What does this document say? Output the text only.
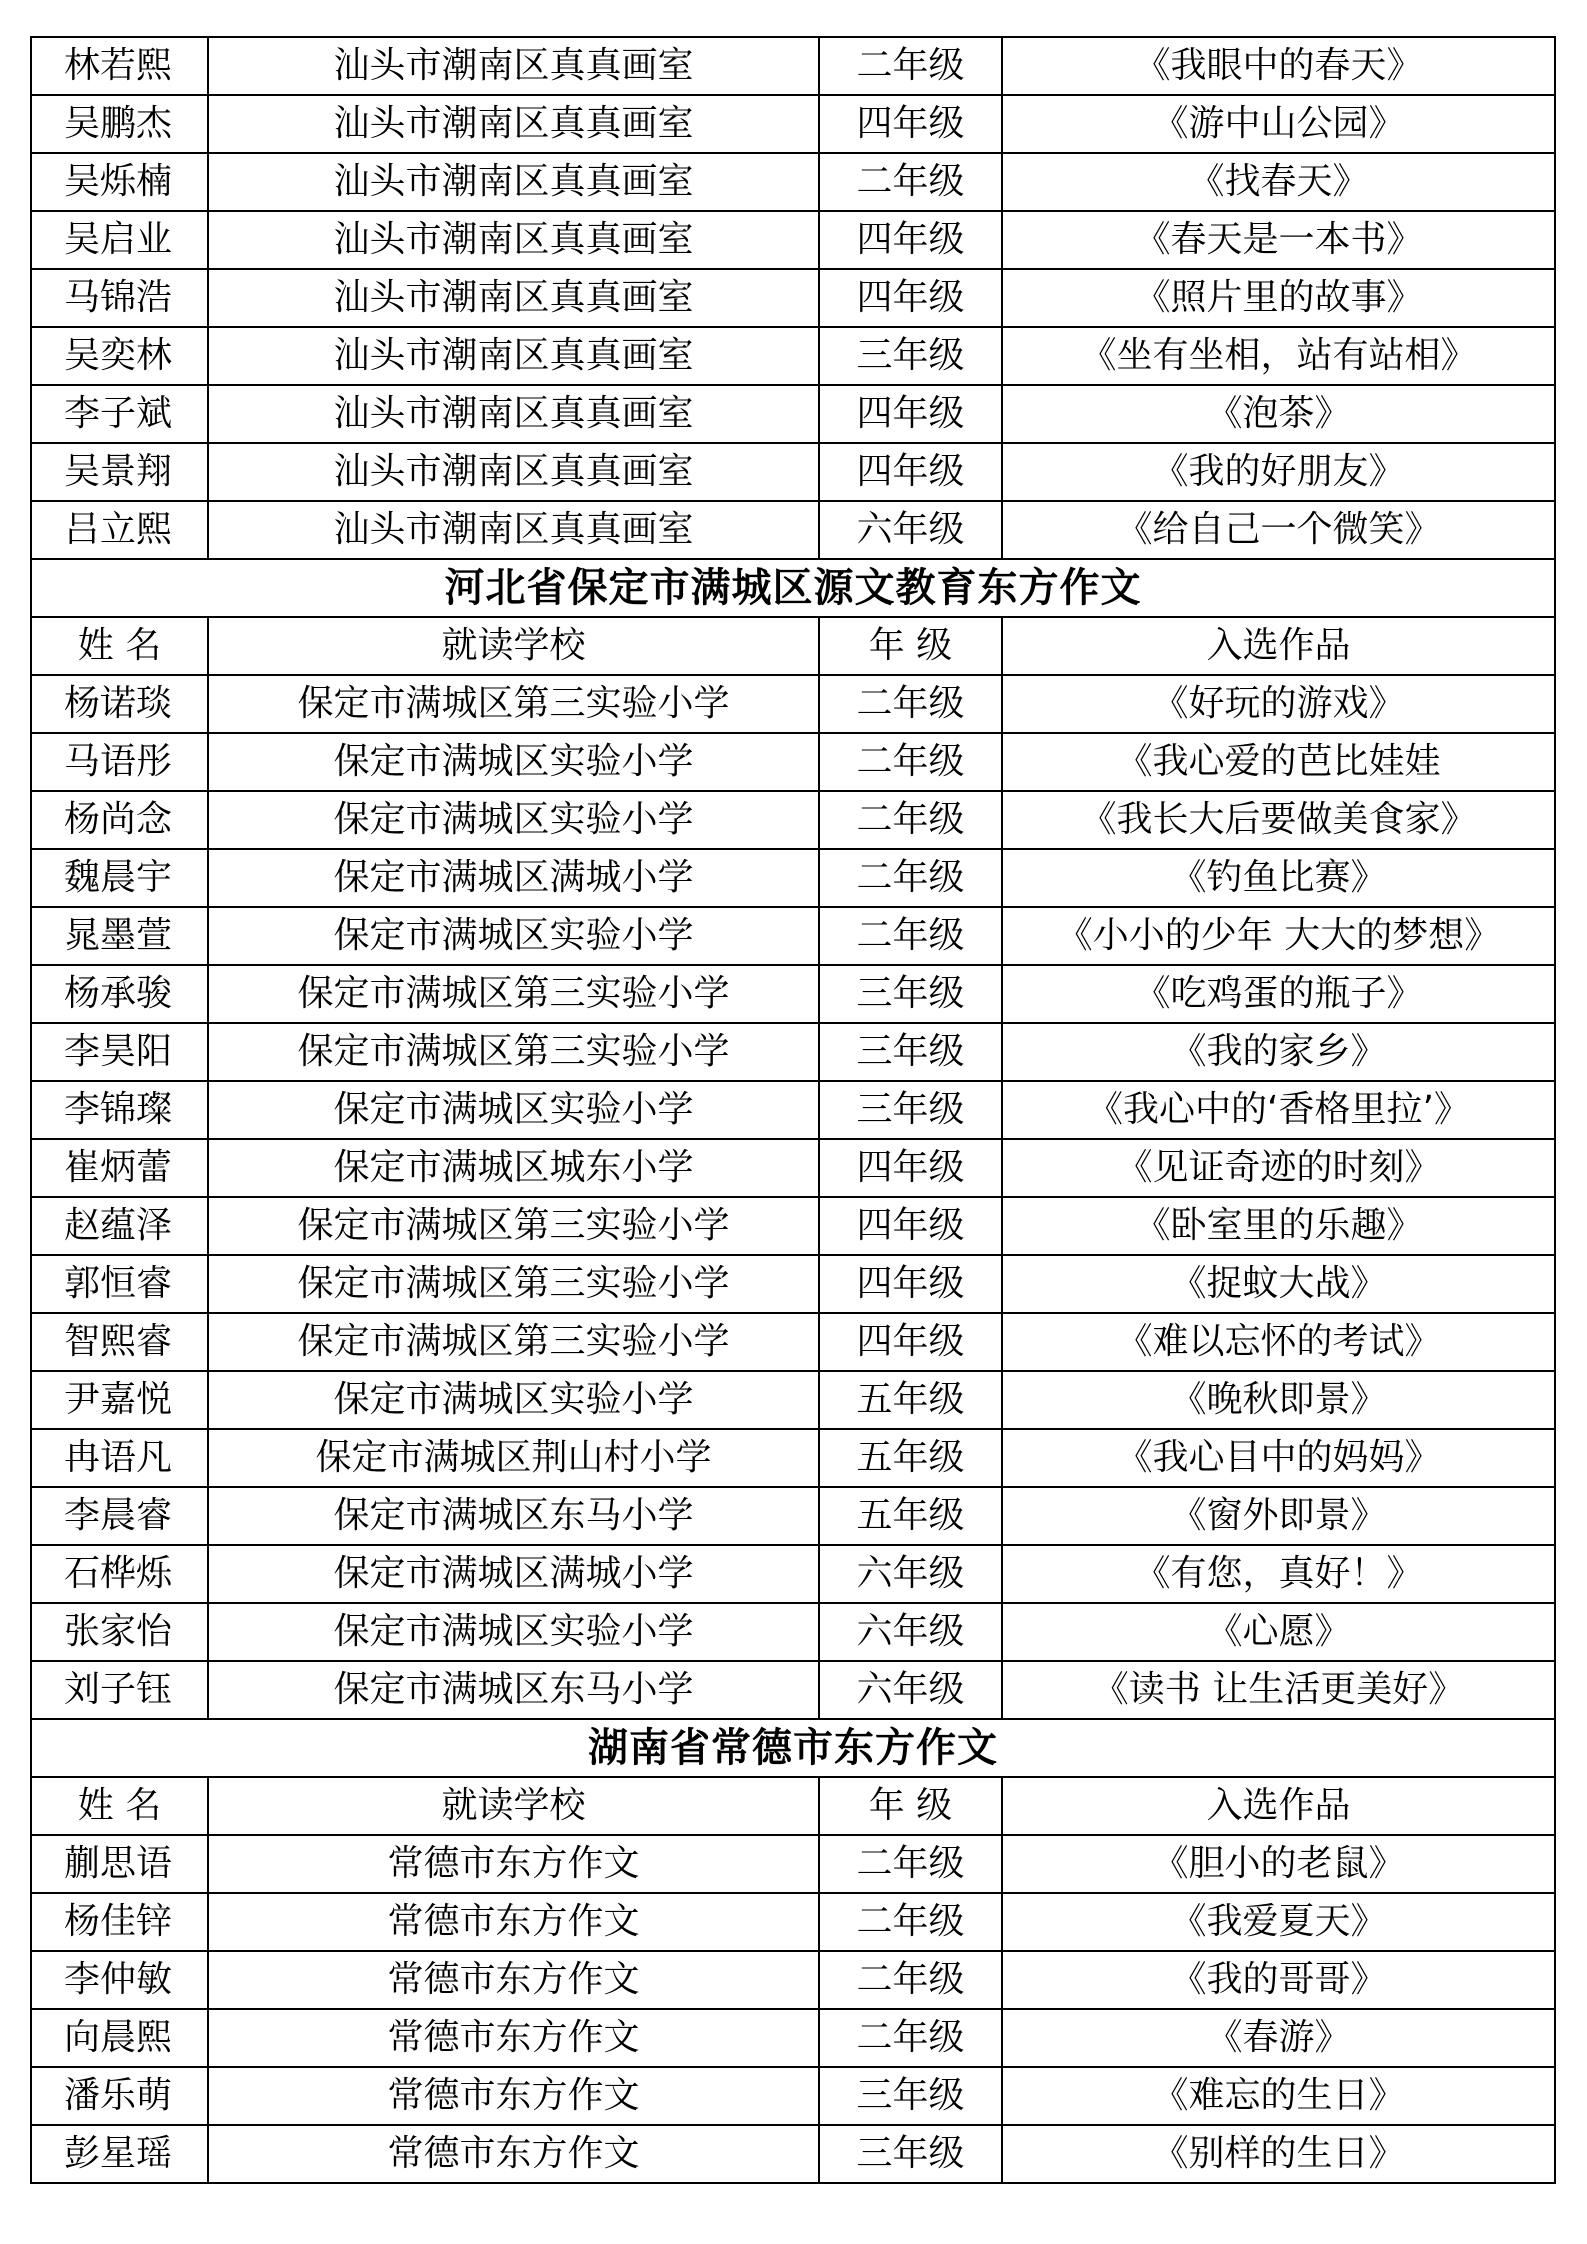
林若熙	汕头市潮南区真真画室	二年级	《我眼中的春天》
吴鹏杰	汕头市潮南区真真画室	四年级	《游中山公园》
吴烁楠	汕头市潮南区真真画室	二年级	《找春天》
吴启业	汕头市潮南区真真画室	四年级	《春天是一本书》
马锦浩	汕头市潮南区真真画室	四年级	《照片里的故事》
吴奕林	汕头市潮南区真真画室	三年级	《坐有坐相，站有站相》
李子斌	汕头市潮南区真真画室	四年级	《泡茶》
吴景翔	汕头市潮南区真真画室	四年级	《我的好朋友》
吕立熙	汕头市潮南区真真画室	六年级	《给自己一个微笑》
河北省保定市满城区源文教育东方作文			
姓 名	就读学校	年 级	入选作品
杨诺琰	保定市满城区第三实验小学	二年级	《好玩的游戏》
马语彤	保定市满城区实验小学	二年级	《我心爱的芭比娃娃
杨尚念	保定市满城区实验小学	二年级	《我长大后要做美食家》
魏晨宇	保定市满城区满城小学	二年级	《钓鱼比赛》
晁墨萱	保定市满城区实验小学	二年级	《小小的少年 大大的梦想》
杨承骏	保定市满城区第三实验小学	三年级	《吃鸡蛋的瓶子》
李昊阳	保定市满城区第三实验小学	三年级	《我的家乡》
李锦璨	保定市满城区实验小学	三年级	《我心中的‘香格里拉’》
崔炳蕾	保定市满城区城东小学	四年级	《见证奇迹的时刻》
赵蕴泽	保定市满城区第三实验小学	四年级	《卧室里的乐趣》
郭恒睿	保定市满城区第三实验小学	四年级	《捉蚊大战》
智熙睿	保定市满城区第三实验小学	四年级	《难以忘怀的考试》
尹嘉悦	保定市满城区实验小学	五年级	《晚秋即景》
冉语凡	保定市满城区荆山村小学	五年级	《我心目中的妈妈》
李晨睿	保定市满城区东马小学	五年级	《窗外即景》
石桦烁	保定市满城区满城小学	六年级	《有您，真好！》
张家怡	保定市满城区实验小学	六年级	《心愿》
刘子钰	保定市满城区东马小学	六年级	《读书 让生活更美好》
湖南省常德市东方作文			
姓 名	就读学校	年 级	入选作品
蒯思语	常德市东方作文	二年级	《胆小的老鼠》
杨佳锌	常德市东方作文	二年级	《我爱夏天》
李仲敏	常德市东方作文	二年级	《我的哥哥》
向晨熙	常德市东方作文	二年级	《春游》
潘乐萌	常德市东方作文	三年级	《难忘的生日》
彭星瑶	常德市东方作文	三年级	《别样的生日》
